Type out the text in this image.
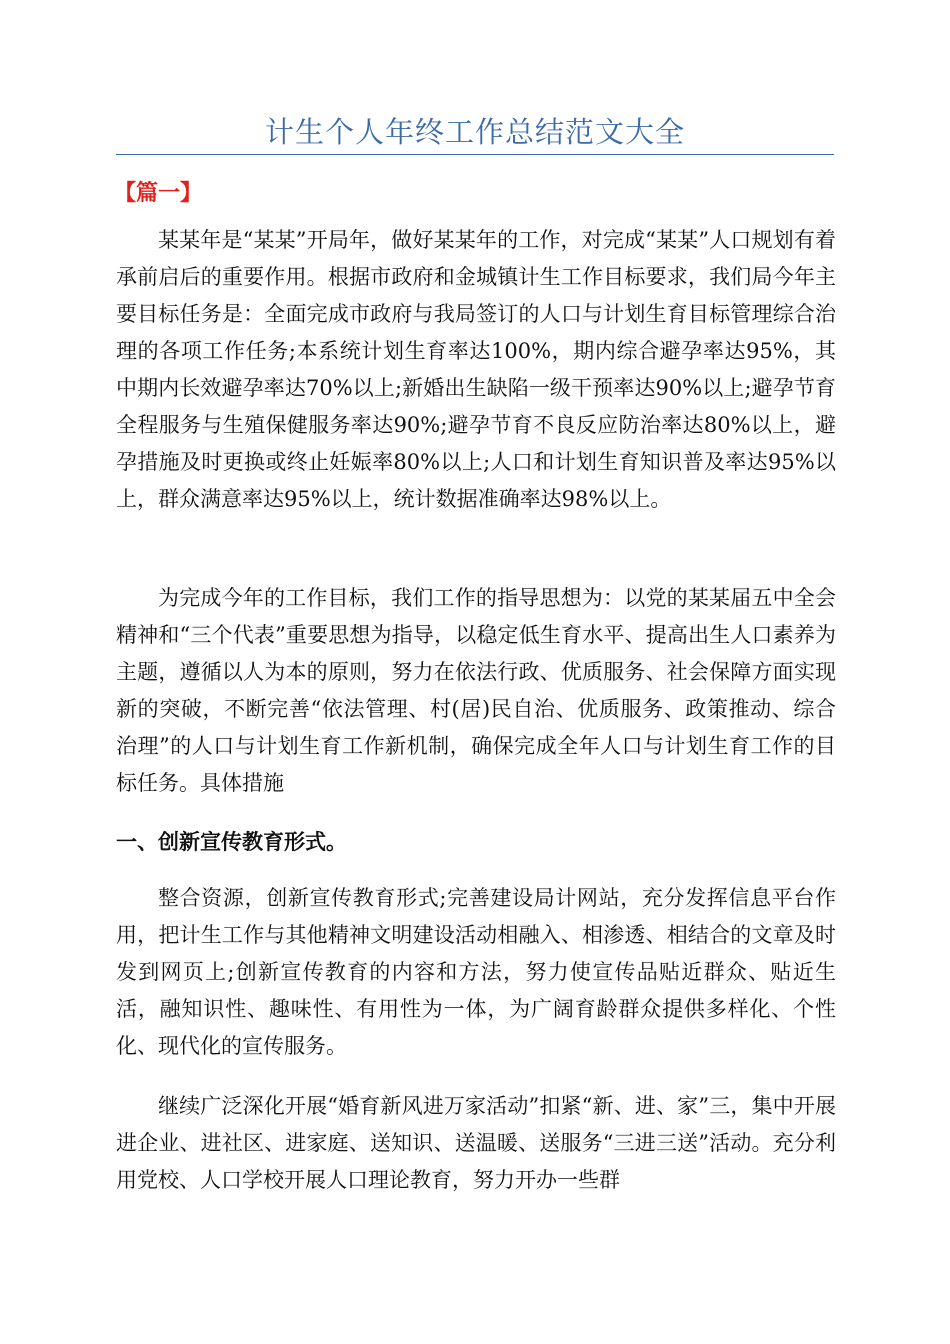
计生个人年终工作总结范文大全
【篇一】

某某年是“某某”开局年，做好某某年的工作，对完成“某某”人口规划有着承前启后的重要作用。根据市政府和金城镇计生工作目标要求，我们局今年主要目标任务是：全面完成市政府与我局签订的人口与计划生育目标管理综合治理的各项工作任务;本系统计划生育率达100%，期内综合避孕率达95%，其中期内长效避孕率达70%以上;新婚出生缺陷一级干预率达90%以上;避孕节育全程服务与生殖保健服务率达90%;避孕节育不良反应防治率达80%以上，避孕措施及时更换或终止妊娠率80%以上;人口和计划生育知识普及率达95%以上，群众满意率达95%以上，统计数据准确率达98%以上。

为完成今年的工作目标，我们工作的指导思想为：以党的某某届五中全会精神和“三个代表”重要思想为指导，以稳定低生育水平、提高出生人口素养为主题，遵循以人为本的原则，努力在依法行政、优质服务、社会保障方面实现新的突破，不断完善“依法管理、村(居)民自治、优质服务、政策推动、综合治理”的人口与计划生育工作新机制，确保完成全年人口与计划生育工作的目标任务。具体措施

一、创新宣传教育形式。

整合资源，创新宣传教育形式;完善建设局计网站，充分发挥信息平台作用，把计生工作与其他精神文明建设活动相融入、相渗透、相结合的文章及时发到网页上;创新宣传教育的内容和方法，努力使宣传品贴近群众、贴近生活，融知识性、趣味性、有用性为一体，为广阔育龄群众提供多样化、个性化、现代化的宣传服务。

继续广泛深化开展“婚育新风进万家活动”扣紧“新、进、家”三，集中开展进企业、进社区、进家庭、送知识、送温暖、送服务“三进三送”活动。充分利用党校、人口学校开展人口理论教育，努力开办一些群
